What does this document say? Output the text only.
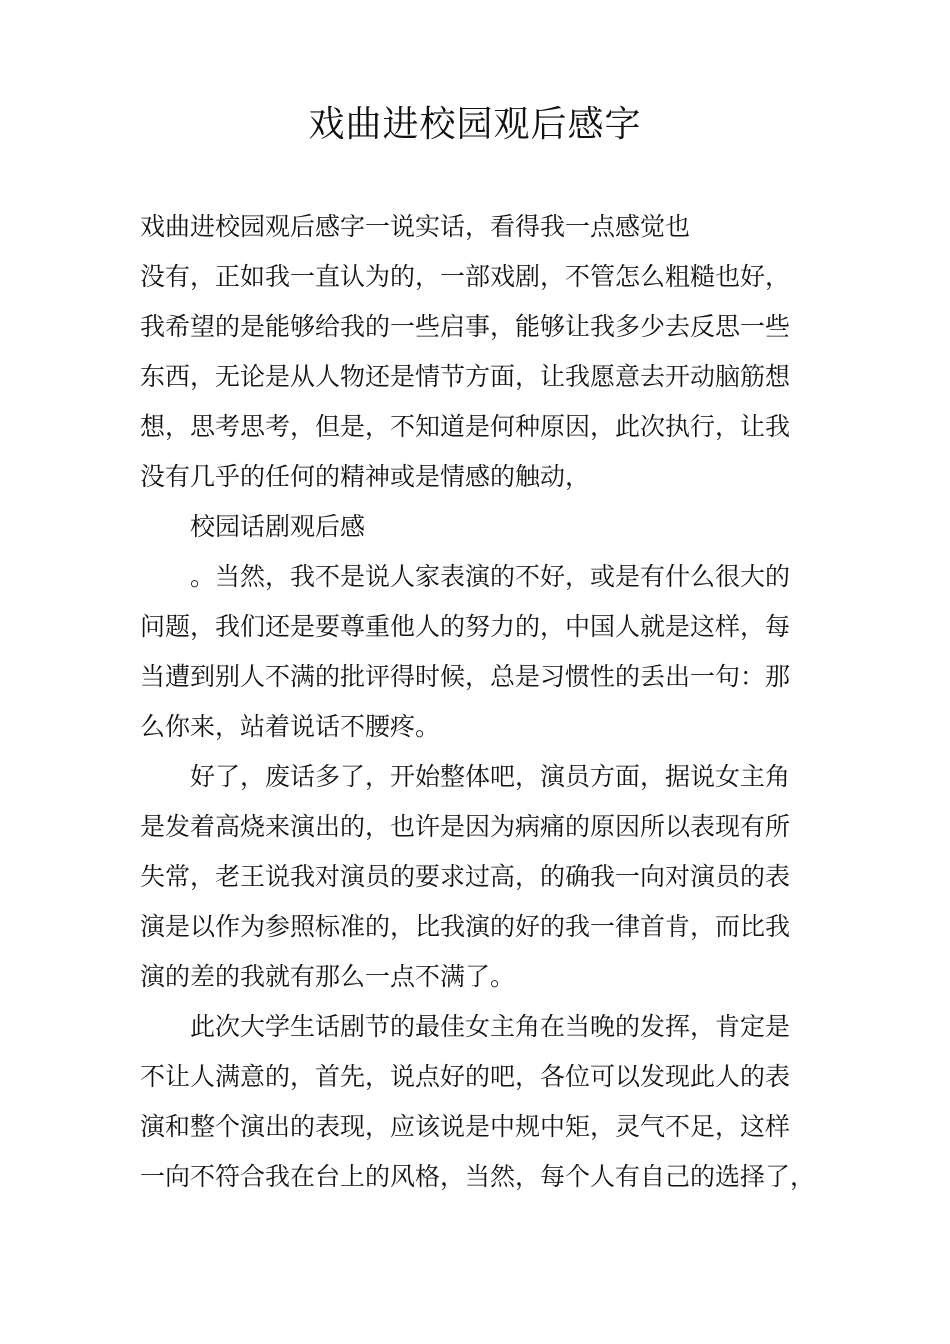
戏曲进校园观后感字

戏曲进校园观后感字一说实话，看得我一点感觉也

没有，正如我一直认为的，一部戏剧，不管怎么粗糙也好，

我希望的是能够给我的一些启事，能够让我多少去反思一些

东西，无论是从人物还是情节方面，让我愿意去开动脑筋想

想，思考思考，但是，不知道是何种原因，此次执行，让我

没有几乎的任何的精神或是情感的触动，

校园话剧观后感

。当然，我不是说人家表演的不好，或是有什么很大的

问题，我们还是要尊重他人的努力的，中国人就是这样，每

当遭到别人不满的批评得时候，总是习惯性的丢出一句：那

么你来，站着说话不腰疼。

好了，废话多了，开始整体吧，演员方面，据说女主角

是发着高烧来演出的，也许是因为病痛的原因所以表现有所

失常，老王说我对演员的要求过高，的确我一向对演员的表

演是以作为参照标准的，比我演的好的我一律首肯，而比我

演的差的我就有那么一点不满了。

此次大学生话剧节的最佳女主角在当晚的发挥，肯定是

不让人满意的，首先，说点好的吧，各位可以发现此人的表

演和整个演出的表现，应该说是中规中矩，灵气不足，这样

一向不符合我在台上的风格，当然，每个人有自己的选择了，
